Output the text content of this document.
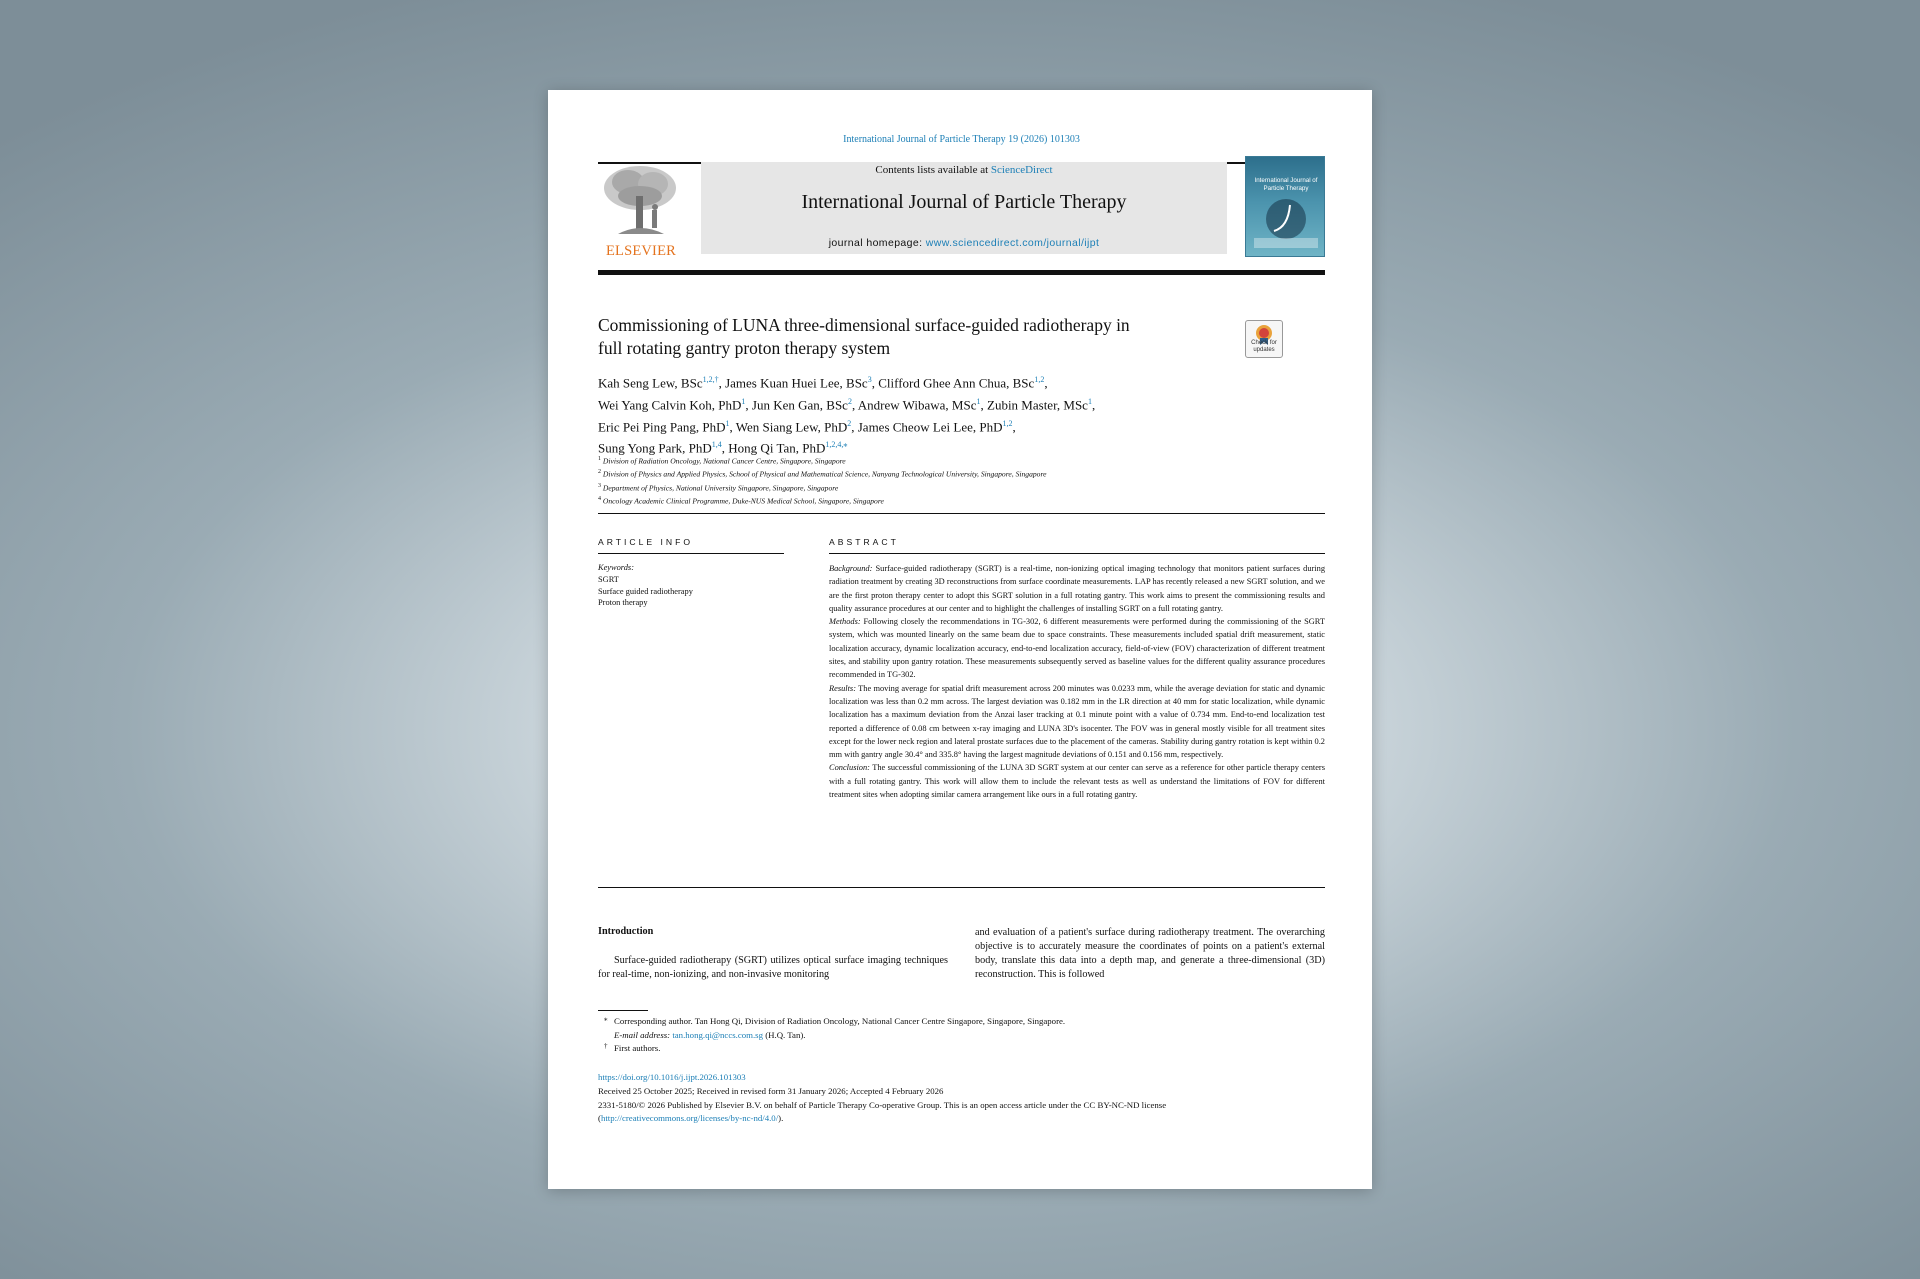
International Journal of Particle Therapy 19 (2026) 101303
ELSEVIER
Contents lists available at ScienceDirect
International Journal of Particle Therapy
journal homepage: www.sciencedirect.com/journal/ijpt
International Journal of Particle Therapy
Commissioning of LUNA three-dimensional surface-guided radiotherapy in
full rotating gantry proton therapy system	Check for updates
Kah Seng Lew, BSc$^{1,2,\dagger}$, James Kuan Huei Lee, BSc$^3$, Clifford Ghee Ann Chua, BSc$^{1,2}$,
Wei Yang Calvin Koh, PhD$^1$, Jun Ken Gan, BSc$^2$, Andrew Wibawa, MSc$^1$, Zubin Master, MSc$^1$,
Eric Pei Ping Pang, PhD$^1$, Wen Siang Lew, PhD$^2$, James Cheow Lei Lee, PhD$^{1,2}$,
Sung Yong Park, PhD$^{1,4}$, Hong Qi Tan, PhD$^{1,2,4,⁎}$
$^1$ Division of Radiation Oncology, National Cancer Centre, Singapore, Singapore
$^2$ Division of Physics and Applied Physics, School of Physical and Mathematical Science, Nanyang Technological University, Singapore, Singapore
$^3$ Department of Physics, National University Singapore, Singapore, Singapore
$^4$ Oncology Academic Clinical Programme, Duke-NUS Medical School, Singapore, Singapore
ARTICLE INFO	ABSTRACT
Keywords:
SGRT
Surface guided radiotherapy
Proton therapy

Background: Surface-guided radiotherapy (SGRT) is a real-time, non-ionizing optical imaging technology that monitors patient surfaces during radiation treatment by creating 3D reconstructions from surface coordinate measurements. LAP has recently released a new SGRT solution, and we are the first proton therapy center to adopt this SGRT solution in a full rotating gantry. This work aims to present the commissioning results and quality assurance procedures at our center and to highlight the challenges of installing SGRT on a full rotating gantry.

Methods: Following closely the recommendations in TG-302, 6 different measurements were performed during the commissioning of the SGRT system, which was mounted linearly on the same beam due to space constraints. These measurements included spatial drift measurement, static localization accuracy, dynamic localization accuracy, end-to-end localization accuracy, field-of-view (FOV) characterization of different treatment sites, and stability upon gantry rotation. These measurements subsequently served as baseline values for the different quality assurance procedures recommended in TG-302.

Results: The moving average for spatial drift measurement across 200 minutes was 0.0233 mm, while the average deviation for static and dynamic localization was less than 0.2 mm across. The largest deviation was 0.182 mm in the LR direction at 40 mm for static localization, while dynamic localization has a maximum deviation from the Anzai laser tracking at 0.1 minute point with a value of 0.734 mm. End-to-end localization test reported a difference of 0.08 cm between x-ray imaging and LUNA 3D's isocenter. The FOV was in general mostly visible for all treatment sites except for the lower neck region and lateral prostate surfaces due to the placement of the cameras. Stability during gantry rotation is kept within 0.2 mm with gantry angle 30.4° and 335.8° having the largest magnitude deviations of 0.151 and 0.156 mm, respectively.

Conclusion: The successful commissioning of the LUNA 3D SGRT system at our center can serve as a reference for other particle therapy centers with a full rotating gantry. This work will allow them to include the relevant tests as well as understand the limitations of FOV for different treatment sites when adopting similar camera arrangement like ours in a full rotating gantry.

Introduction
Surface-guided radiotherapy (SGRT) utilizes optical surface imaging techniques for real-time, non-ionizing, and non-invasive monitoring
and evaluation of a patient's surface during radiotherapy treatment. The overarching objective is to accurately measure the coordinates of points on a patient's external body, translate this data into a depth map, and generate a three-dimensional (3D) reconstruction. This is followed
⁎ Corresponding author. Tan Hong Qi, Division of Radiation Oncology, National Cancer Centre Singapore, Singapore, Singapore.
E-mail address: tan.hong.qi@nccs.com.sg (H.Q. Tan).
† First authors.
https://doi.org/10.1016/j.ijpt.2026.101303
Received 25 October 2025; Received in revised form 31 January 2026; Accepted 4 February 2026
2331-5180/© 2026 Published by Elsevier B.V. on behalf of Particle Therapy Co-operative Group. This is an open access article under the CC BY-NC-ND license
(http://creativecommons.org/licenses/by-nc-nd/4.0/).
